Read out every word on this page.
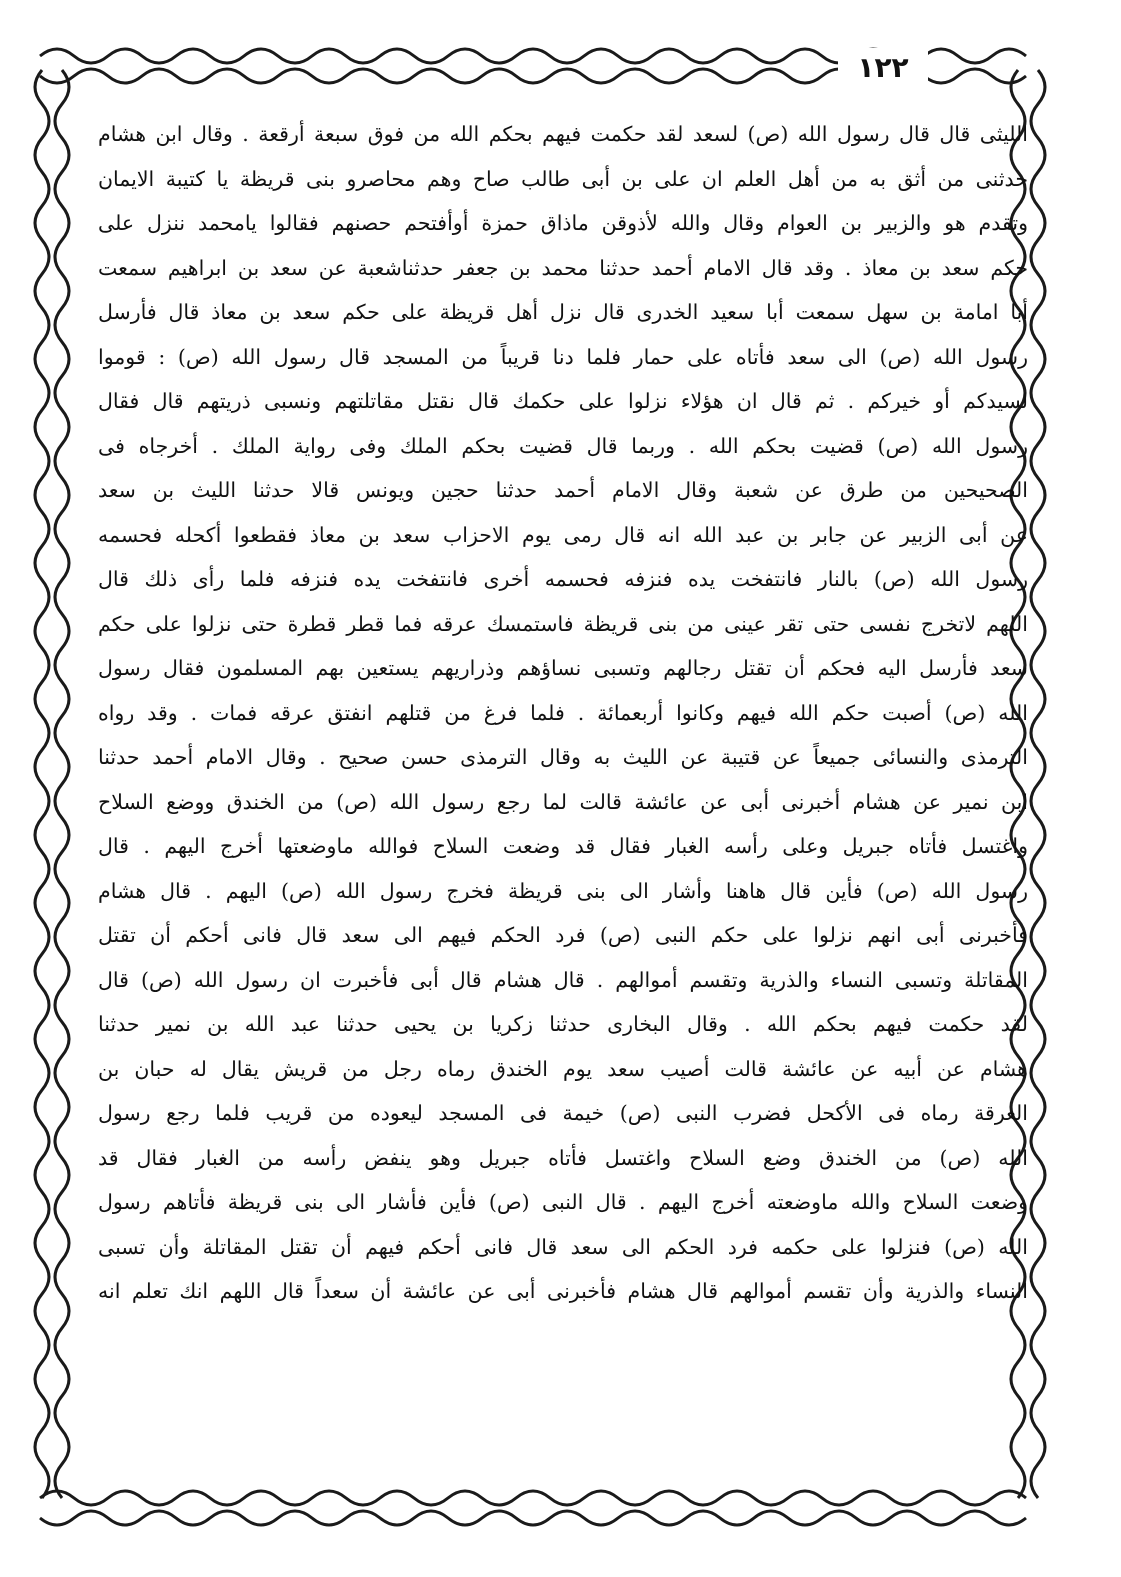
١٢٢
الليثى قال قال رسول الله (ص) لسعد لقد حكمت فيهم بحكم الله من فوق سبعة أرقعة . وقال ابن هشام
حدثنى من أثق به من أهل العلم ان على بن أبى طالب صاح وهم محاصرو بنى قريظة يا كتيبة الايمان
وتقدم هو والزبير بن العوام وقال والله لأذوقن ماذاق حمزة أوأفتحم حصنهم فقالوا يامحمد ننزل على
حكم سعد بن معاذ . وقد قال الامام أحمد حدثنا محمد بن جعفر حدثناشعبة عن سعد بن ابراهيم سمعت
أبا امامة بن سهل سمعت أبا سعيد الخدرى قال نزل أهل قريظة على حكم سعد بن معاذ قال فأرسل
رسول الله (ص) الى سعد فأتاه على حمار فلما دنا قريباً من المسجد قال رسول الله (ص) : قوموا
لسيدكم أو خيركم . ثم قال ان هؤلاء نزلوا على حكمك قال نقتل مقاتلتهم ونسبى ذريتهم قال فقال
رسول الله (ص) قضيت بحكم الله . وربما قال قضيت بحكم الملك وفى رواية الملك . أخرجاه فى
الصحيحين من طرق عن شعبة وقال الامام أحمد حدثنا حجين ويونس قالا حدثنا الليث بن سعد
عن أبى الزبير عن جابر بن عبد الله انه قال رمى يوم الاحزاب سعد بن معاذ فقطعوا أكحله فحسمه
رسول الله (ص) بالنار فانتفخت يده فنزفه فحسمه أخرى فانتفخت يده فنزفه فلما رأى ذلك قال
اللهم لاتخرج نفسى حتى تقر عينى من بنى قريظة فاستمسك عرقه فما قطر قطرة حتى نزلوا على حكم
سعد فأرسل اليه فحكم أن تقتل رجالهم وتسبى نساؤهم وذراريهم يستعين بهم المسلمون فقال رسول
الله (ص) أصبت حكم الله فيهم وكانوا أربعمائة . فلما فرغ من قتلهم انفتق عرقه فمات . وقد رواه
الترمذى والنسائى جميعاً عن قتيبة عن الليث به وقال الترمذى حسن صحيح . وقال الامام أحمد حدثنا
ابن نمير عن هشام أخبرنى أبى عن عائشة قالت لما رجع رسول الله (ص) من الخندق ووضع السلاح
واغتسل فأتاه جبريل وعلى رأسه الغبار فقال قد وضعت السلاح فوالله ماوضعتها أخرج اليهم . قال
رسول الله (ص) فأين قال هاهنا وأشار الى بنى قريظة فخرج رسول الله (ص) اليهم . قال هشام
فأخبرنى أبى انهم نزلوا على حكم النبى (ص) فرد الحكم فيهم الى سعد قال فانى أحكم أن تقتل
المقاتلة وتسبى النساء والذرية وتقسم أموالهم . قال هشام قال أبى فأخبرت ان رسول الله (ص) قال
لقد حكمت فيهم بحكم الله . وقال البخارى حدثنا زكريا بن يحيى حدثنا عبد الله بن نمير حدثنا
هشام عن أبيه عن عائشة قالت أصيب سعد يوم الخندق رماه رجل من قريش يقال له حبان بن
العرقة رماه فى الأكحل فضرب النبى (ص) خيمة فى المسجد ليعوده من قريب فلما رجع رسول
الله (ص) من الخندق وضع السلاح واغتسل فأتاه جبريل وهو ينفض رأسه من الغبار فقال قد
وضعت السلاح والله ماوضعته أخرج اليهم . قال النبى (ص) فأين فأشار الى بنى قريظة فأتاهم رسول
الله (ص) فنزلوا على حكمه فرد الحكم الى سعد قال فانى أحكم فيهم أن تقتل المقاتلة وأن تسبى
النساء والذرية وأن تقسم أموالهم قال هشام فأخبرنى أبى عن عائشة أن سعداً قال اللهم انك تعلم انه
